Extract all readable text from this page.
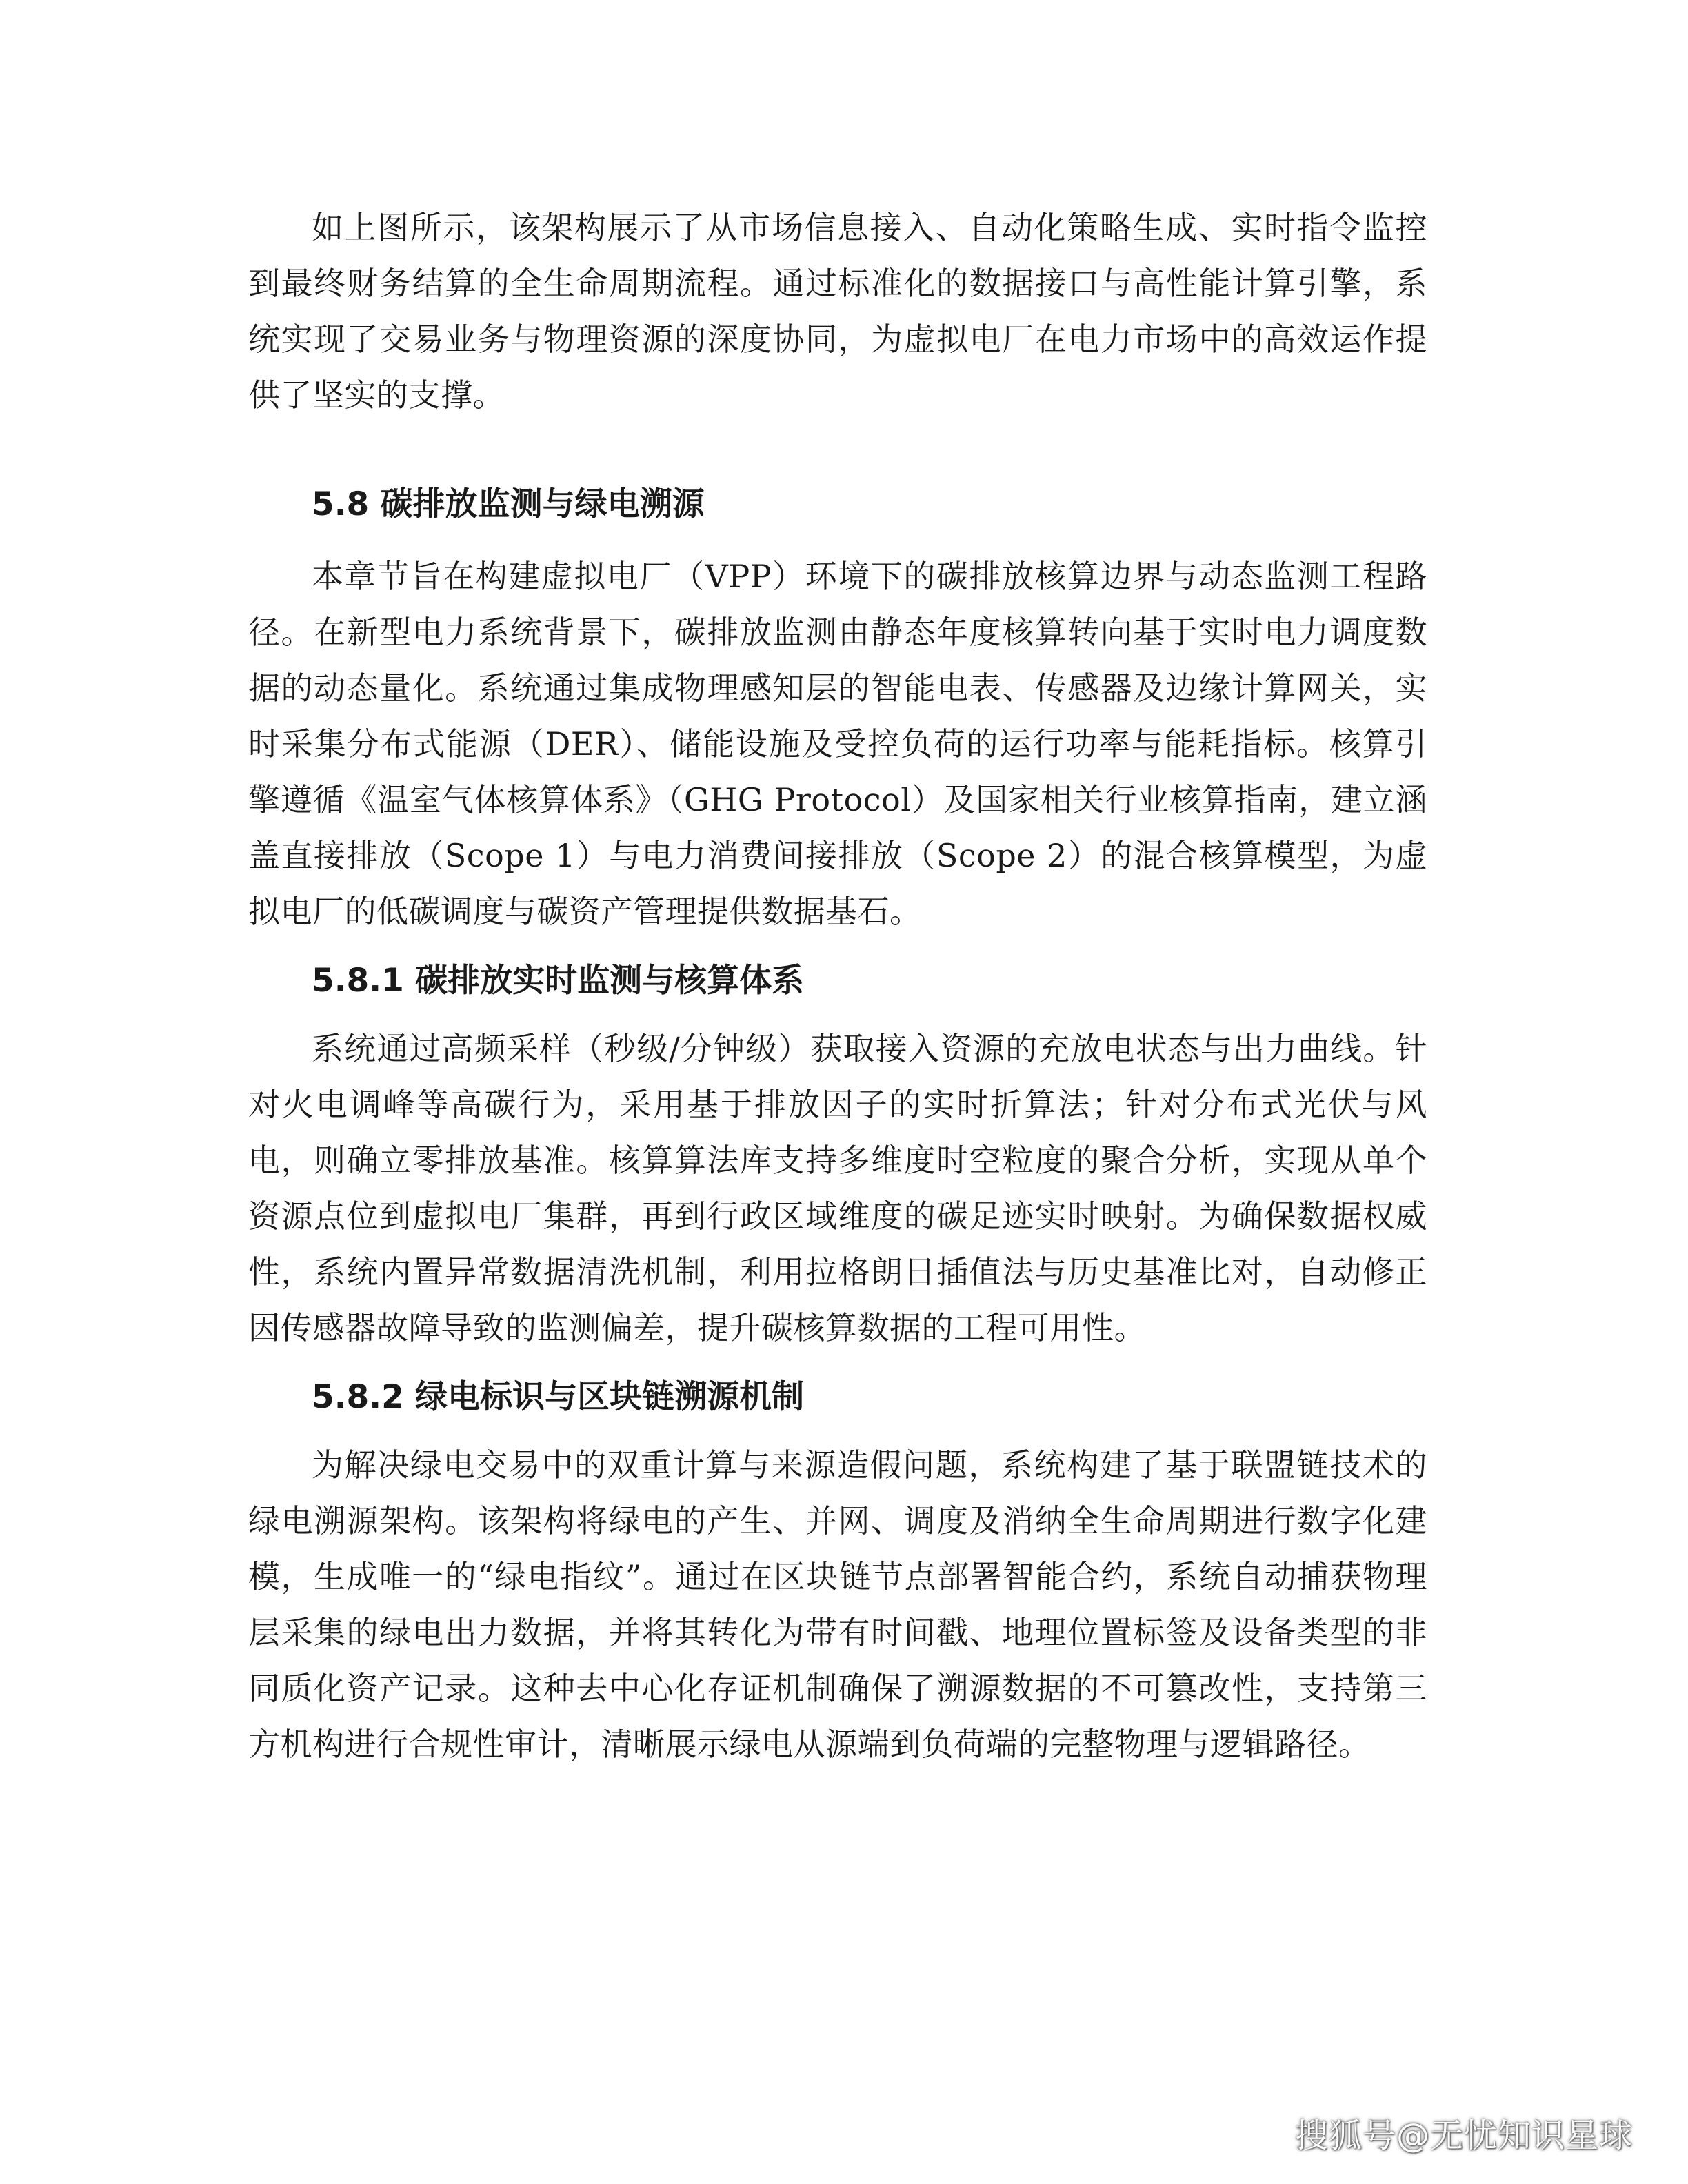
如上图所示，该架构展示了从市场信息接入、自动化策略生成、实时指令监控到最终财务结算的全生命周期流程。通过标准化的数据接口与高性能计算引擎，系统实现了交易业务与物理资源的深度协同，为虚拟电厂在电力市场中的高效运作提供了坚实的支撑。

5.8 碳排放监测与绿电溯源

本章节旨在构建虚拟电厂（VPP）环境下的碳排放核算边界与动态监测工程路径。在新型电力系统背景下，碳排放监测由静态年度核算转向基于实时电力调度数据的动态量化。系统通过集成物理感知层的智能电表、传感器及边缘计算网关，实时采集分布式能源（DER）、储能设施及受控负荷的运行功率与能耗指标。核算引擎遵循《温室气体核算体系》（GHG Protocol）及国家相关行业核算指南，建立涵盖直接排放（Scope 1）与电力消费间接排放（Scope 2）的混合核算模型，为虚拟电厂的低碳调度与碳资产管理提供数据基石。

5.8.1 碳排放实时监测与核算体系

系统通过高频采样（秒级/分钟级）获取接入资源的充放电状态与出力曲线。针对火电调峰等高碳行为，采用基于排放因子的实时折算法；针对分布式光伏与风电，则确立零排放基准。核算算法库支持多维度时空粒度的聚合分析，实现从单个资源点位到虚拟电厂集群，再到行政区域维度的碳足迹实时映射。为确保数据权威性，系统内置异常数据清洗机制，利用拉格朗日插值法与历史基准比对，自动修正因传感器故障导致的监测偏差，提升碳核算数据的工程可用性。

5.8.2 绿电标识与区块链溯源机制

为解决绿电交易中的双重计算与来源造假问题，系统构建了基于联盟链技术的绿电溯源架构。该架构将绿电的产生、并网、调度及消纳全生命周期进行数字化建模，生成唯一的“绿电指纹”。通过在区块链节点部署智能合约，系统自动捕获物理层采集的绿电出力数据，并将其转化为带有时间戳、地理位置标签及设备类型的非同质化资产记录。这种去中心化存证机制确保了溯源数据的不可篡改性，支持第三方机构进行合规性审计，清晰展示绿电从源端到负荷端的完整物理与逻辑路径。

搜狐号@无忧知识星球
